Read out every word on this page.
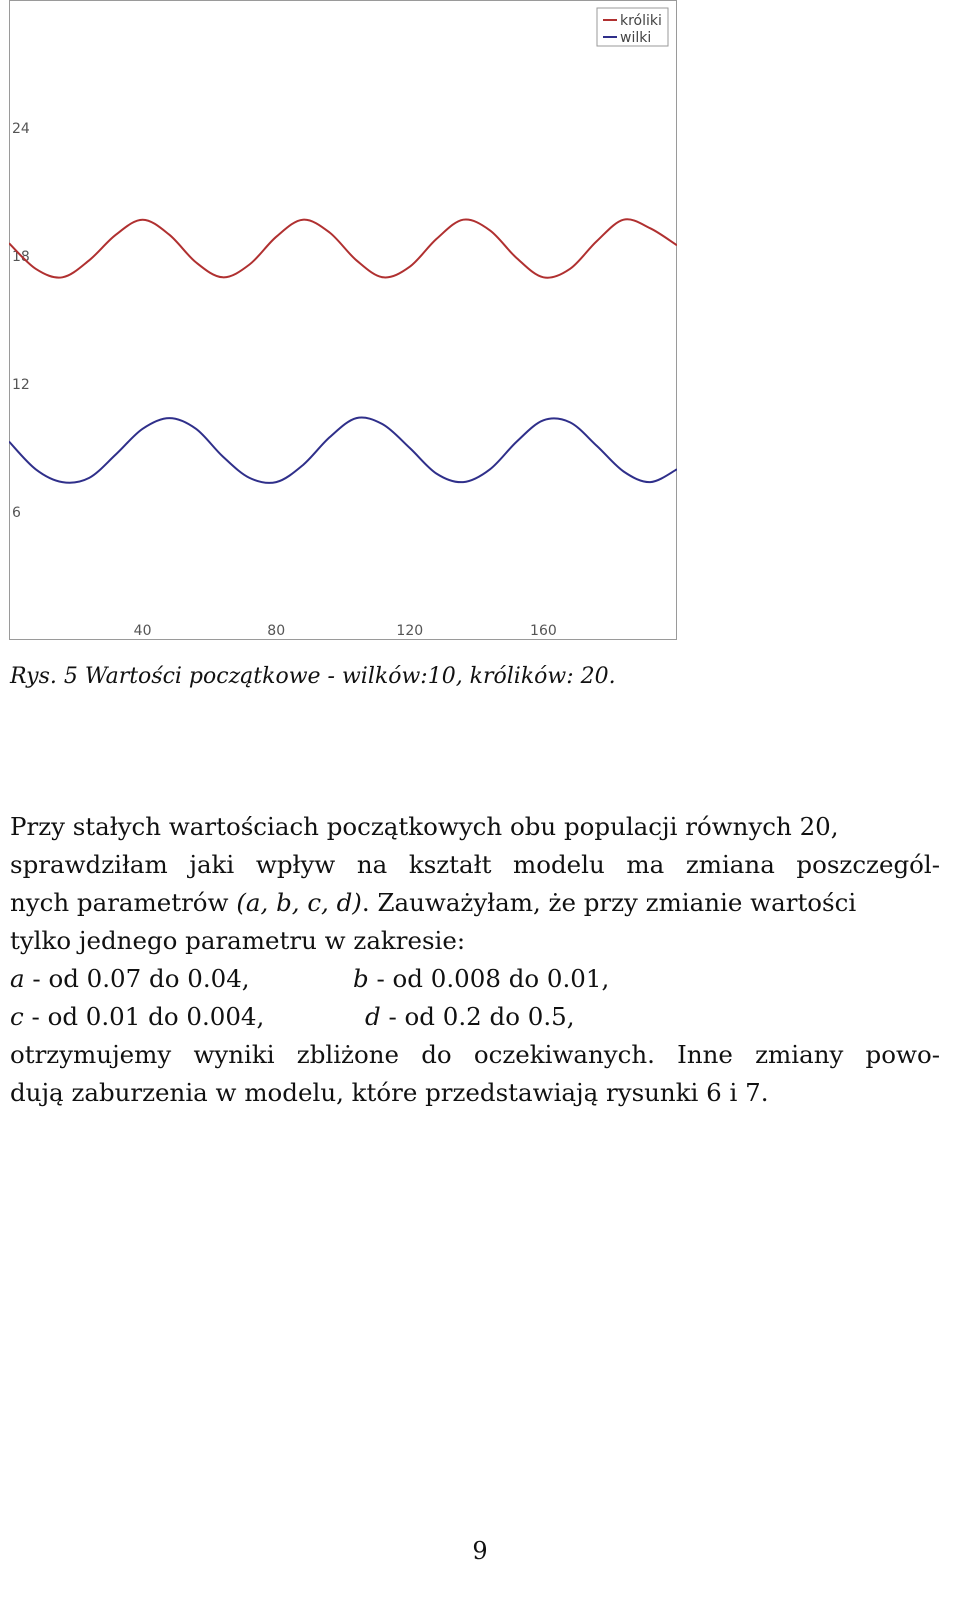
6
12
18
24
40	80	120	160
króliki
wilki
Rys. 5 Wartości początkowe - wilków:10, królików: 20.
Przy stałych wartościach początkowych obu populacji równych 20,
sprawdziłam jaki wpływ na kształt modelu ma zmiana poszczegól-
nych parametrów (a, b, c, d). Zauważyłam, że przy zmianie wartości
tylko jednego parametru w zakresie:
a - od 0.07 do 0.04,	b - od 0.008 do 0.01,
c - od 0.01 do 0.004,	d - od 0.2 do 0.5,
otrzymujemy wyniki zbliżone do oczekiwanych. Inne zmiany powo-
dują zaburzenia w modelu, które przedstawiają rysunki 6 i 7.
9
